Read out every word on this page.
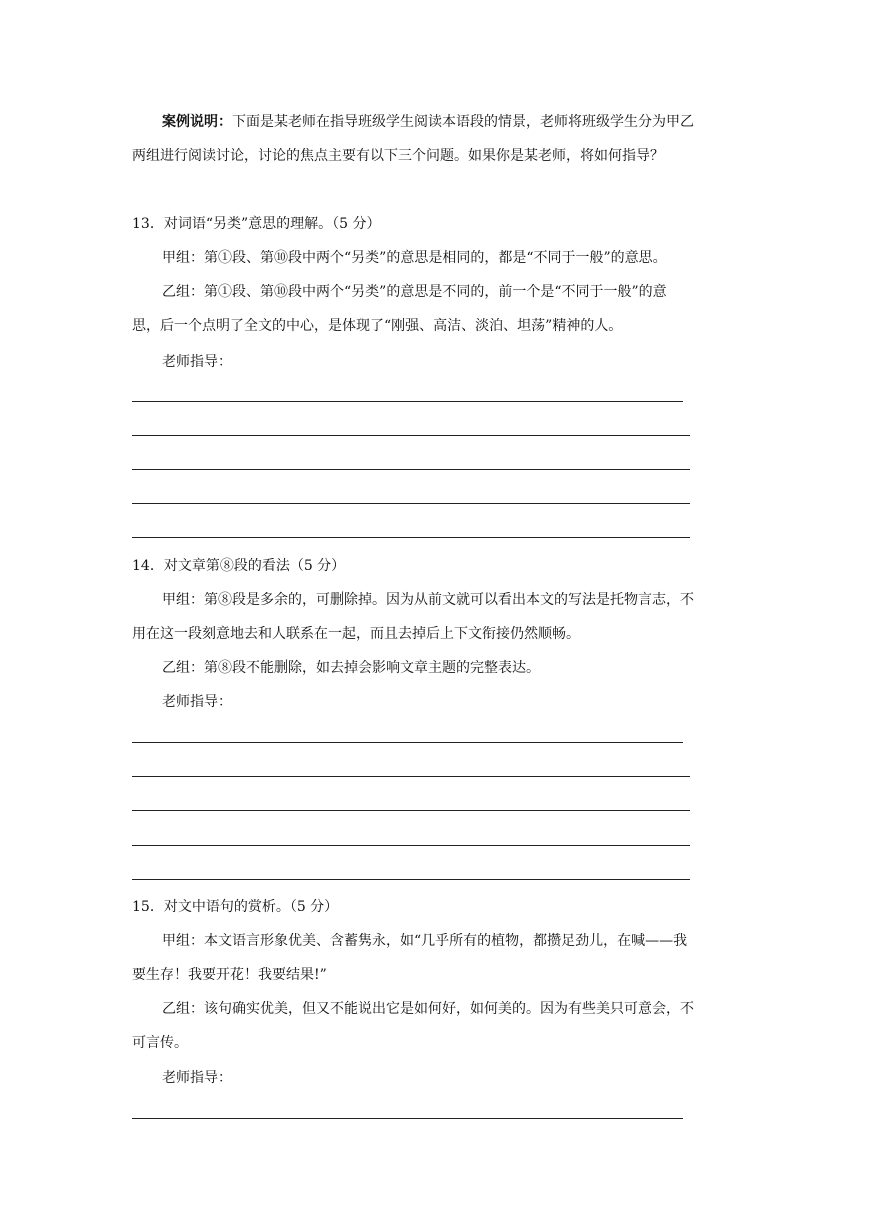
案例说明：下面是某老师在指导班级学生阅读本语段的情景，老师将班级学生分为甲乙
两组进行阅读讨论，讨论的焦点主要有以下三个问题。如果你是某老师，将如何指导？
13．对词语“另类”意思的理解。（5 分）
甲组：第①段、第⑩段中两个“另类”的意思是相同的，都是“不同于一般”的意思。
乙组：第①段、第⑩段中两个“另类”的意思是不同的，前一个是“不同于一般”的意
思，后一个点明了全文的中心，是体现了“刚强、高洁、淡泊、坦荡”精神的人。
老师指导：
14．对文章第⑧段的看法（5 分）
甲组：第⑧段是多余的，可删除掉。因为从前文就可以看出本文的写法是托物言志，不
用在这一段刻意地去和人联系在一起，而且去掉后上下文衔接仍然顺畅。
乙组：第⑧段不能删除，如去掉会影响文章主题的完整表达。
老师指导：
15．对文中语句的赏析。（5 分）
甲组：本文语言形象优美、含蓄隽永，如“几乎所有的植物，都攒足劲儿，在喊——我
要生存！我要开花！我要结果!”
乙组：该句确实优美，但又不能说出它是如何好，如何美的。因为有些美只可意会，不
可言传。
老师指导：
